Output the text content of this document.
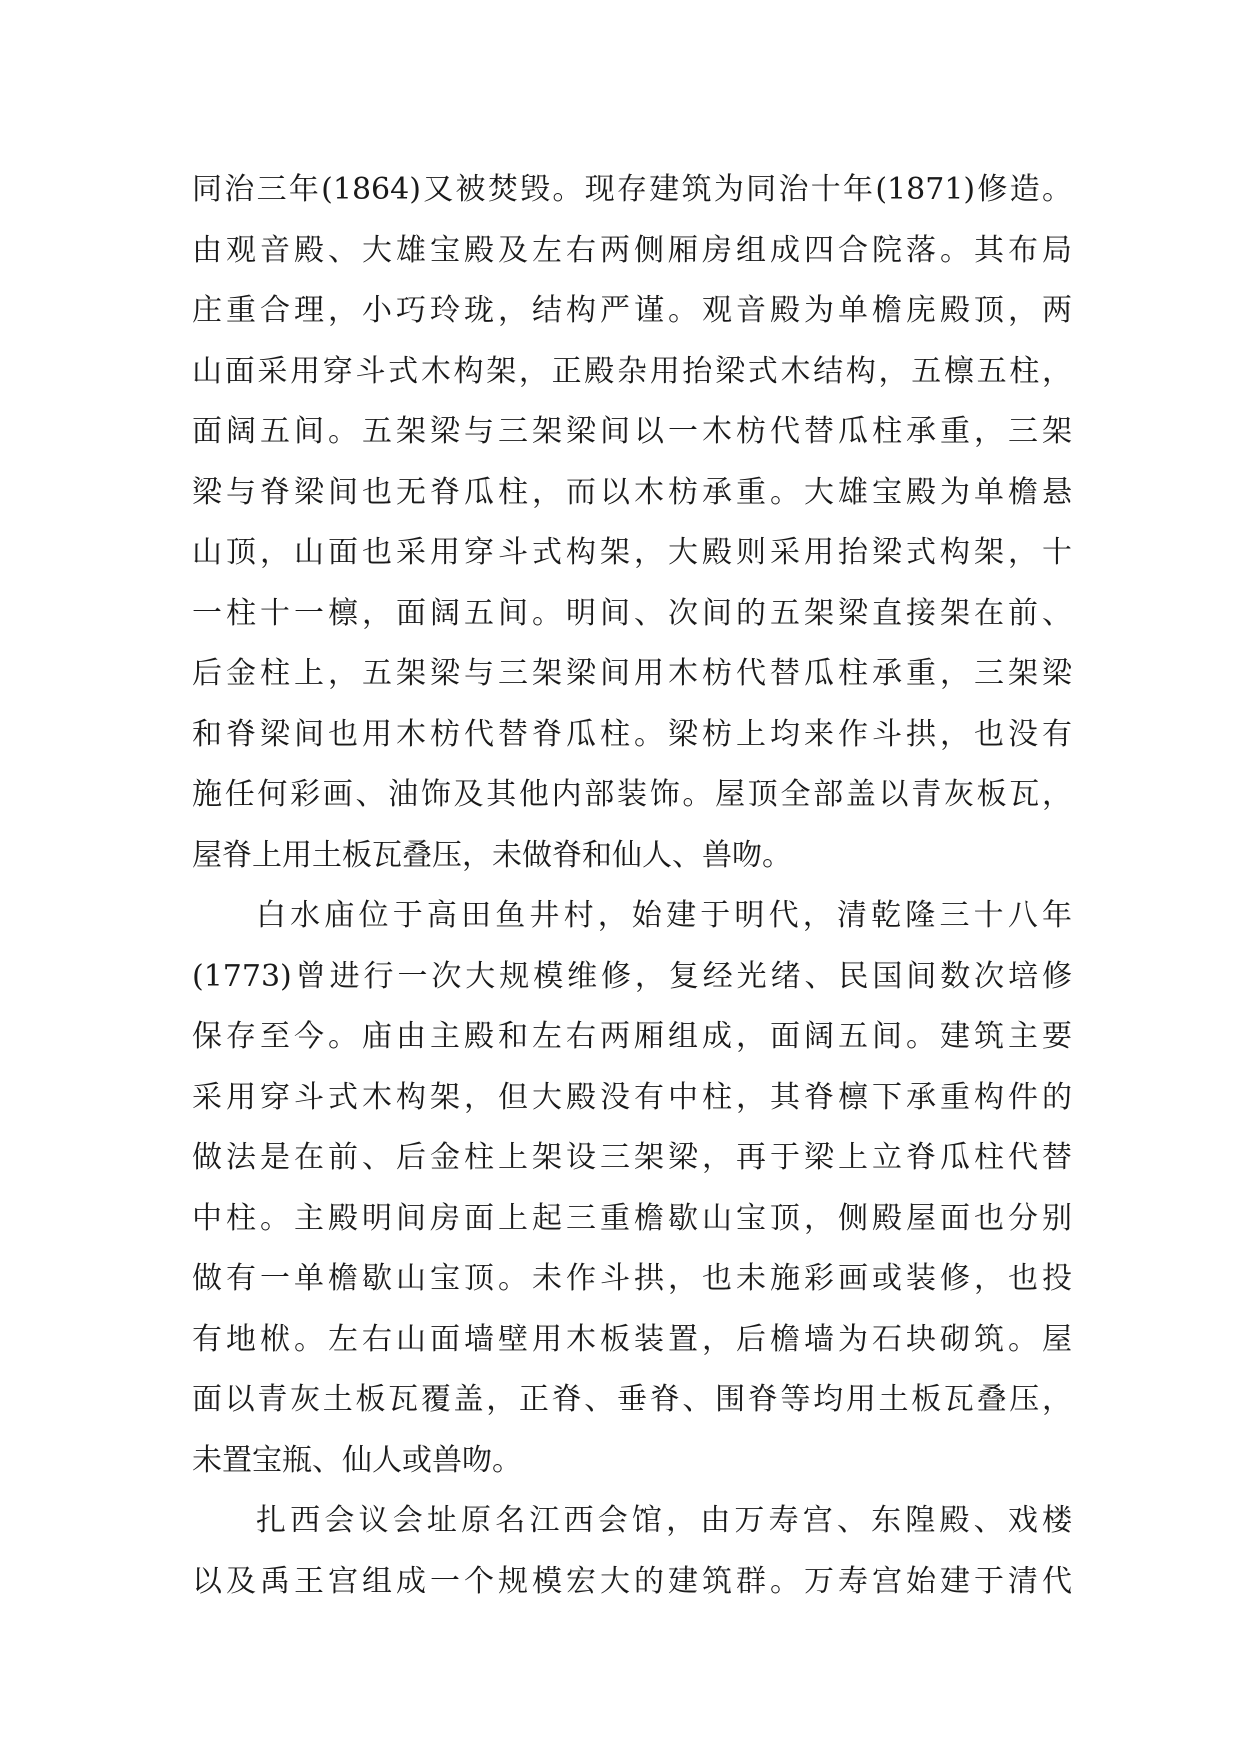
同治三年(1864)又被焚毁。现存建筑为同治十年(1871)修造。
由观音殿、大雄宝殿及左右两侧厢房组成四合院落。其布局
庄重合理，小巧玲珑，结构严谨。观音殿为单檐庑殿顶，两
山面采用穿斗式木构架，正殿杂用抬梁式木结构，五檩五柱，
面阔五间。五架梁与三架梁间以一木枋代替瓜柱承重，三架
梁与脊梁间也无脊瓜柱，而以木枋承重。大雄宝殿为单檐悬
山顶，山面也采用穿斗式构架，大殿则采用抬梁式构架，十
一柱十一檩，面阔五间。明间、次间的五架梁直接架在前、
后金柱上，五架梁与三架梁间用木枋代替瓜柱承重，三架梁
和脊梁间也用木枋代替脊瓜柱。梁枋上均来作斗拱，也没有
施任何彩画、油饰及其他内部装饰。屋顶全部盖以青灰板瓦，
屋脊上用土板瓦叠压，未做脊和仙人、兽吻。
白水庙位于高田鱼井村，始建于明代，清乾隆三十八年
(1773)曾进行一次大规模维修，复经光绪、民国间数次培修
保存至今。庙由主殿和左右两厢组成，面阔五间。建筑主要
采用穿斗式木构架，但大殿没有中柱，其脊檩下承重构件的
做法是在前、后金柱上架设三架梁，再于梁上立脊瓜柱代替
中柱。主殿明间房面上起三重檐歇山宝顶，侧殿屋面也分别
做有一单檐歇山宝顶。未作斗拱，也未施彩画或装修，也投
有地栿。左右山面墙壁用木板装置，后檐墙为石块砌筑。屋
面以青灰土板瓦覆盖，正脊、垂脊、围脊等均用土板瓦叠压，
未置宝瓶、仙人或兽吻。
扎西会议会址原名江西会馆，由万寿宫、东隍殿、戏楼
以及禹王宫组成一个规模宏大的建筑群。万寿宫始建于清代
